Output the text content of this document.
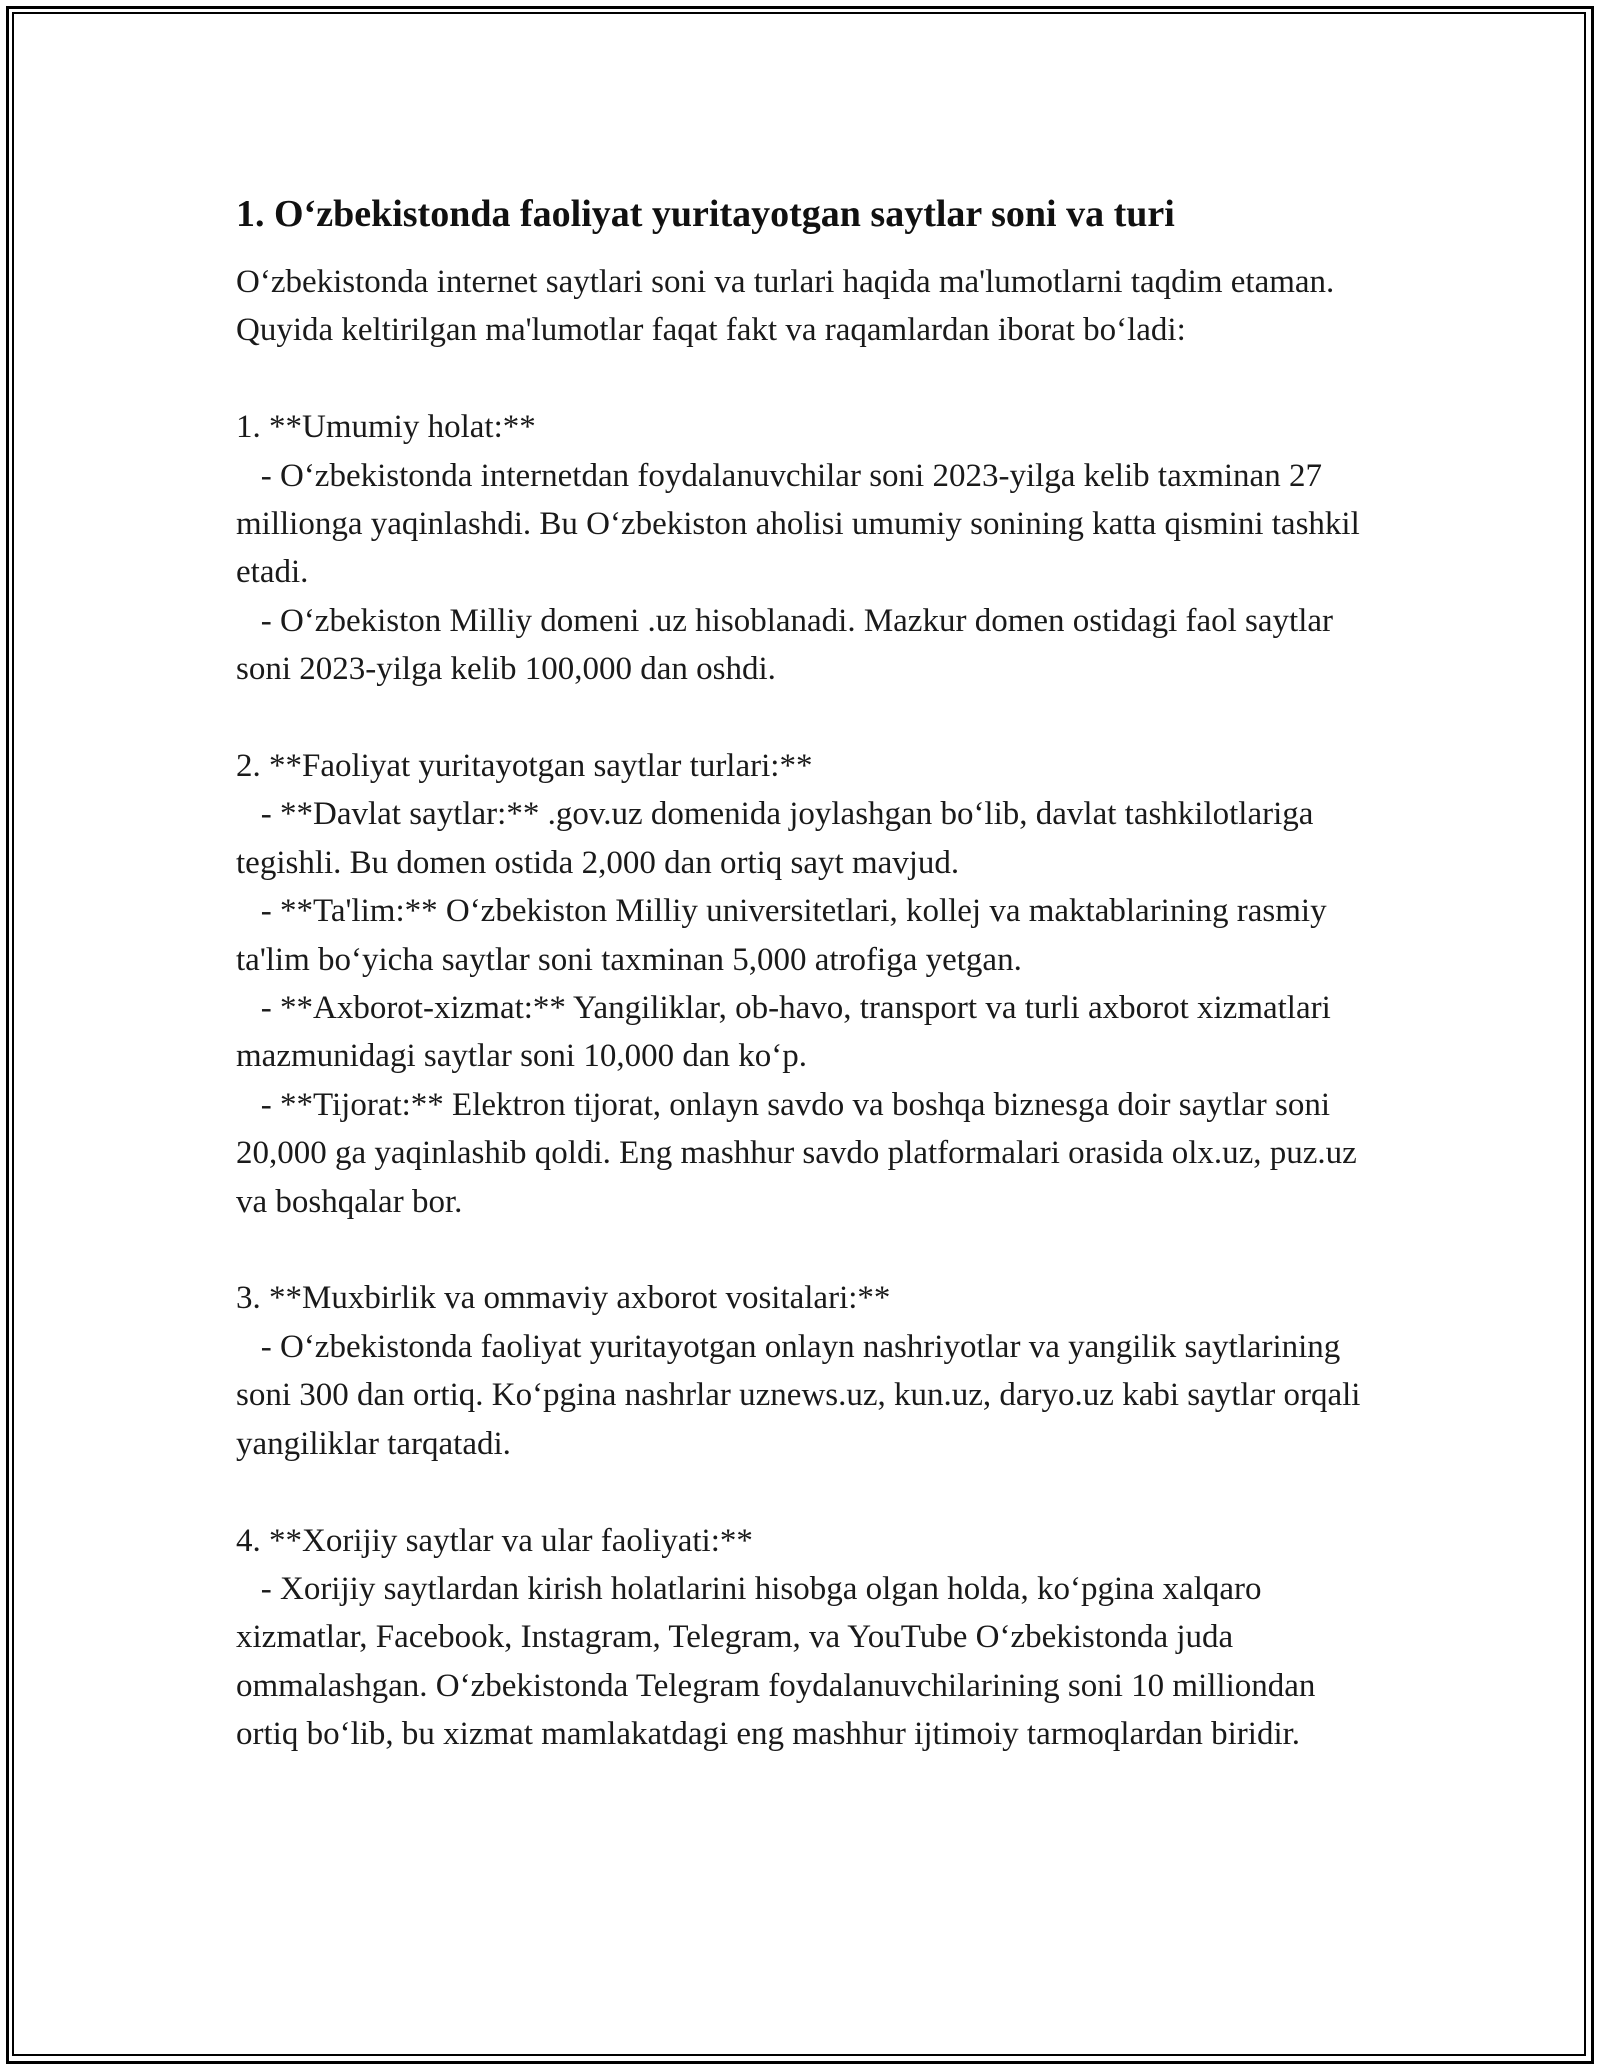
1. O‘zbekistonda faoliyat yuritayotgan saytlar soni va turi

O‘zbekistonda internet saytlari soni va turlari haqida ma'lumotlarni taqdim etaman. Quyida keltirilgan ma'lumotlar faqat fakt va raqamlardan iborat bo‘ladi:

1. **Umumiy holat:**

- O‘zbekistonda internetdan foydalanuvchilar soni 2023-yilga kelib taxminan 27 millionga yaqinlashdi. Bu O‘zbekiston aholisi umumiy sonining katta qismini tashkil etadi.

- O‘zbekiston Milliy domeni .uz hisoblanadi. Mazkur domen ostidagi faol saytlar soni 2023-yilga kelib 100,000 dan oshdi.

2. **Faoliyat yuritayotgan saytlar turlari:**

- **Davlat saytlar:** .gov.uz domenida joylashgan bo‘lib, davlat tashkilotlariga tegishli. Bu domen ostida 2,000 dan ortiq sayt mavjud.

- **Ta'lim:** O‘zbekiston Milliy universitetlari, kollej va maktablarining rasmiy ta'lim bo‘yicha saytlar soni taxminan 5,000 atrofiga yetgan.

- **Axborot-xizmat:** Yangiliklar, ob-havo, transport va turli axborot xizmatlari mazmunidagi saytlar soni 10,000 dan ko‘p.

- **Tijorat:** Elektron tijorat, onlayn savdo va boshqa biznesga doir saytlar soni 20,000 ga yaqinlashib qoldi. Eng mashhur savdo platformalari orasida olx.uz, puz.uz va boshqalar bor.

3. **Muxbirlik va ommaviy axborot vositalari:**

- O‘zbekistonda faoliyat yuritayotgan onlayn nashriyotlar va yangilik saytlarining soni 300 dan ortiq. Ko‘pgina nashrlar uznews.uz, kun.uz, daryo.uz kabi saytlar orqali yangiliklar tarqatadi.

4. **Xorijiy saytlar va ular faoliyati:**

- Xorijiy saytlardan kirish holatlarini hisobga olgan holda, ko‘pgina xalqaro xizmatlar, Facebook, Instagram, Telegram, va YouTube O‘zbekistonda juda ommalashgan. O‘zbekistonda Telegram foydalanuvchilarining soni 10 milliondan ortiq bo‘lib, bu xizmat mamlakatdagi eng mashhur ijtimoiy tarmoqlardan biridir.
